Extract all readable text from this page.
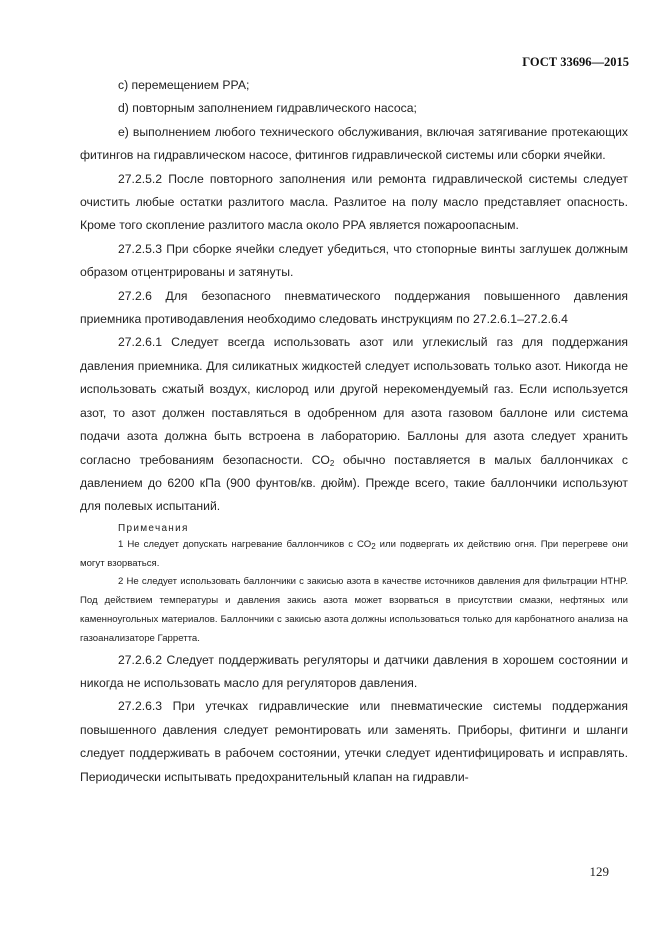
ГОСТ 33696—2015

c) перемещением РРА;

d) повторным заполнением гидравлического насоса;

e) выполнением любого технического обслуживания, включая затягивание протекающих фитингов на гидравлическом насосе, фитингов гидравлической системы или сборки ячейки.

27.2.5.2 После повторного заполнения или ремонта гидравлической системы следует очистить любые остатки разлитого масла. Разлитое на полу масло представляет опасность. Кроме того скопление разлитого масла около РРА является пожароопасным.

27.2.5.3 При сборке ячейки следует убедиться, что стопорные винты заглушек должным образом отцентрированы и затянуты.

27.2.6 Для безопасного пневматического поддержания повышенного давления приемника противодавления необходимо следовать инструкциям по 27.2.6.1–27.2.6.4

27.2.6.1 Следует всегда использовать азот или углекислый газ для поддержания давления приемника. Для силикатных жидкостей следует использовать только азот. Никогда не использовать сжатый воздух, кислород или другой нерекомендуемый газ. Если используется азот, то азот должен поставляться в одобренном для азота газовом баллоне или система подачи азота должна быть встроена в лабораторию. Баллоны для азота следует хранить согласно требованиям безопасности. $СО_2$ обычно поставляется в малых баллончиках с давлением до 6200 кПа (900 фунтов/кв. дюйм). Прежде всего, такие баллончики используют для полевых испытаний.

Примечания

1 Не следует допускать нагревание баллончиков с $СО_2$ или подвергать их действию огня. При перегреве они могут взорваться.

2 Не следует использовать баллончики с закисью азота в качестве источников давления для фильтрации HTHP. Под действием температуры и давления закись азота может взорваться в присутствии смазки, нефтяных или каменноугольных материалов. Баллончики с закисью азота должны использоваться только для карбонатного анализа на газоанализаторе Гарретта.

27.2.6.2 Следует поддерживать регуляторы и датчики давления в хорошем состоянии и никогда не использовать масло для регуляторов давления.

27.2.6.3 При утечках гидравлические или пневматические системы поддержания повышенного давления следует ремонтировать или заменять. Приборы, фитинги и шланги следует поддерживать в рабочем состоянии, утечки следует идентифицировать и исправлять. Периодически испытывать предохранительный клапан на гидравли-

129
